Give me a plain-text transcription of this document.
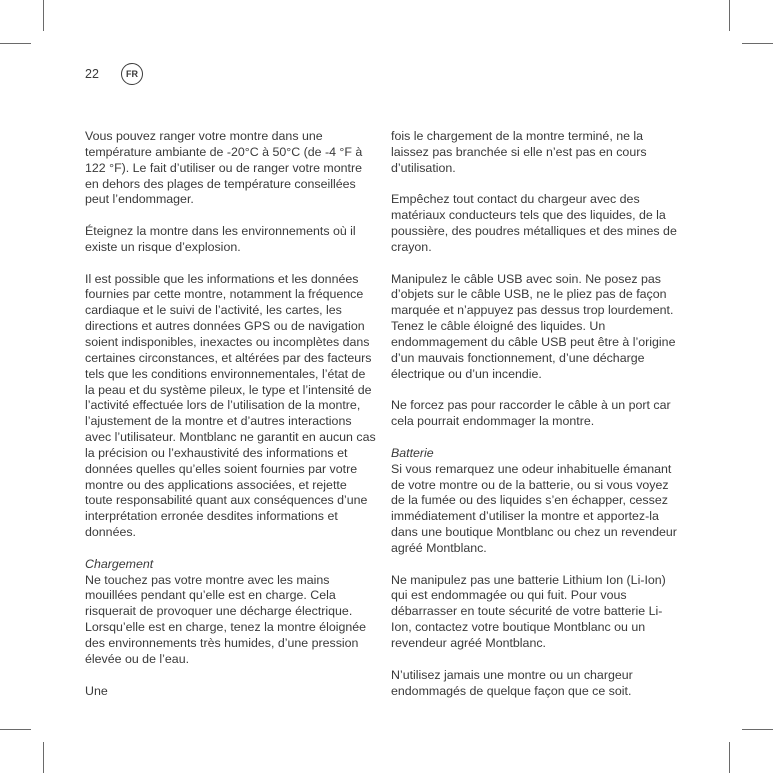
22	FR

Vous pouvez ranger votre montre dans une température ambiante de -20°C à 50°C (de -4 °F à 122 °F). Le fait d’utiliser ou de ranger votre montre en dehors des plages de température conseillées peut l’endommager.

Éteignez la montre dans les environnements où il existe un risque d’explosion.

Il est possible que les informations et les données fournies par cette montre, notamment la fréquence cardiaque et le suivi de l’activité, les cartes, les directions et autres données GPS ou de navigation soient indisponibles, inexactes ou incomplètes dans certaines circonstances, et altérées par des facteurs tels que les conditions environnementales, l’état de la peau et du système pileux, le type et l’intensité de l’activité effectuée lors de l’utilisation de la montre, l’ajustement de la montre et d’autres interactions avec l’utilisateur. Montblanc ne garantit en aucun cas la précision ou l’exhaustivité des informations et données quelles qu’elles soient fournies par votre montre ou des applications associées, et rejette toute responsabilité quant aux conséquences d’une interprétation erronée desdites informations et données.

Chargement

Ne touchez pas votre montre avec les mains mouillées pendant qu’elle est en charge. Cela risquerait de provoquer une décharge électrique. Lorsqu’elle est en charge, tenez la montre éloignée des environnements très humides, d’une pression élevée ou de l’eau.

Une

fois le chargement de la montre terminé, ne la laissez pas branchée si elle n’est pas en cours d’utilisation.

Empêchez tout contact du chargeur avec des matériaux conducteurs tels que des liquides, de la poussière, des poudres métalliques et des mines de crayon.

Manipulez le câble USB avec soin. Ne posez pas d’objets sur le câble USB, ne le pliez pas de façon marquée et n’appuyez pas dessus trop lourdement. Tenez le câble éloigné des liquides. Un endommagement du câble USB peut être à l’origine d’un mauvais fonctionnement, d’une décharge électrique ou d’un incendie.

Ne forcez pas pour raccorder le câble à un port car cela pourrait endommager la montre.

Batterie

Si vous remarquez une odeur inhabituelle émanant de votre montre ou de la batterie, ou si vous voyez de la fumée ou des liquides s’en échapper, cessez immédiatement d’utiliser la montre et apportez-la dans une boutique Montblanc ou chez un revendeur agréé Montblanc.

Ne manipulez pas une batterie Lithium Ion (Li-Ion) qui est endommagée ou qui fuit. Pour vous débarrasser en toute sécurité de votre batterie Li-Ion, contactez votre boutique Montblanc ou un revendeur agréé Montblanc.

N’utilisez jamais une montre ou un chargeur endommagés de quelque façon que ce soit.
